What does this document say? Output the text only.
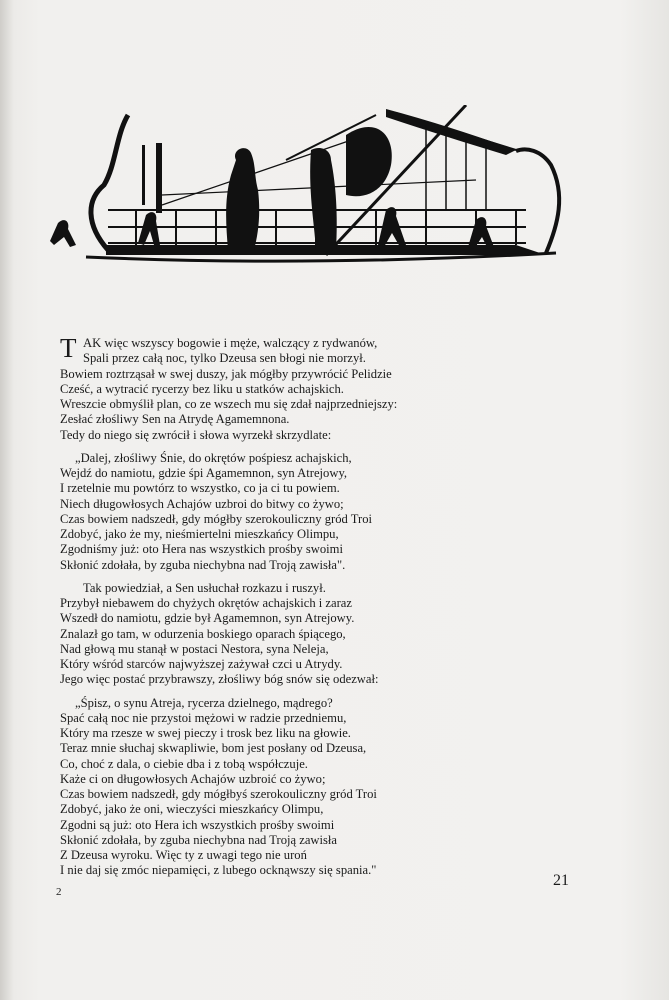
T AK więc wszyscy bogowie i męże, walczący z rydwanów,
Spali przez całą noc, tylko Dzeusa sen błogi nie morzył.
Bowiem roztrząsał w swej duszy, jak mógłby przywrócić Pelidzie
Cześć, a wytracić rycerzy bez liku u statków achajskich.
Wreszcie obmyślił plan, co ze wszech mu się zdał najprzedniejszy:
Zesłać złośliwy Sen na Atrydę Agamemnona.
Tedy do niego się zwrócił i słowa wyrzekł skrzydlate:
„Dalej, złośliwy Śnie, do okrętów pośpiesz achajskich,
Wejdź do namiotu, gdzie śpi Agamemnon, syn Atrejowy,
I rzetelnie mu powtórz to wszystko, co ja ci tu powiem.
Niech długowłosych Achajów uzbroi do bitwy co żywo;
Czas bowiem nadszedł, gdy mógłby szerokouliczny gród Troi
Zdobyć, jako że my, nieśmiertelni mieszkańcy Olimpu,
Zgodniśmy już: oto Hera nas wszystkich prośby swoimi
Skłonić zdołała, by zguba niechybna nad Troją zawisła".
Tak powiedział, a Sen usłuchał rozkazu i ruszył.
Przybył niebawem do chyżych okrętów achajskich i zaraz
Wszedł do namiotu, gdzie był Agamemnon, syn Atrejowy.
Znalazł go tam, w odurzenia boskiego oparach śpiącego,
Nad głową mu stanął w postaci Nestora, syna Neleja,
Który wśród starców najwyższej zażywał czci u Atrydy.
Jego więc postać przybrawszy, złośliwy bóg snów się odezwał:
„Śpisz, o synu Atreja, rycerza dzielnego, mądrego?
Spać całą noc nie przystoi mężowi w radzie przedniemu,
Który ma rzesze w swej pieczy i trosk bez liku na głowie.
Teraz mnie słuchaj skwapliwie, bom jest posłany od Dzeusa,
Co, choć z dala, o ciebie dba i z tobą współczuje.
Każe ci on długowłosych Achajów uzbroić co żywo;
Czas bowiem nadszedł, gdy mógłbyś szerokouliczny gród Troi
Zdobyć, jako że oni, wieczyści mieszkańcy Olimpu,
Zgodni są już: oto Hera ich wszystkich prośby swoimi
Skłonić zdołała, by zguba niechybna nad Troją zawisła
Z Dzeusa wyroku. Więc ty z uwagi tego nie uroń
I nie daj się zmóc niepamięci, z lubego ocknąwszy się spania."
21
2
